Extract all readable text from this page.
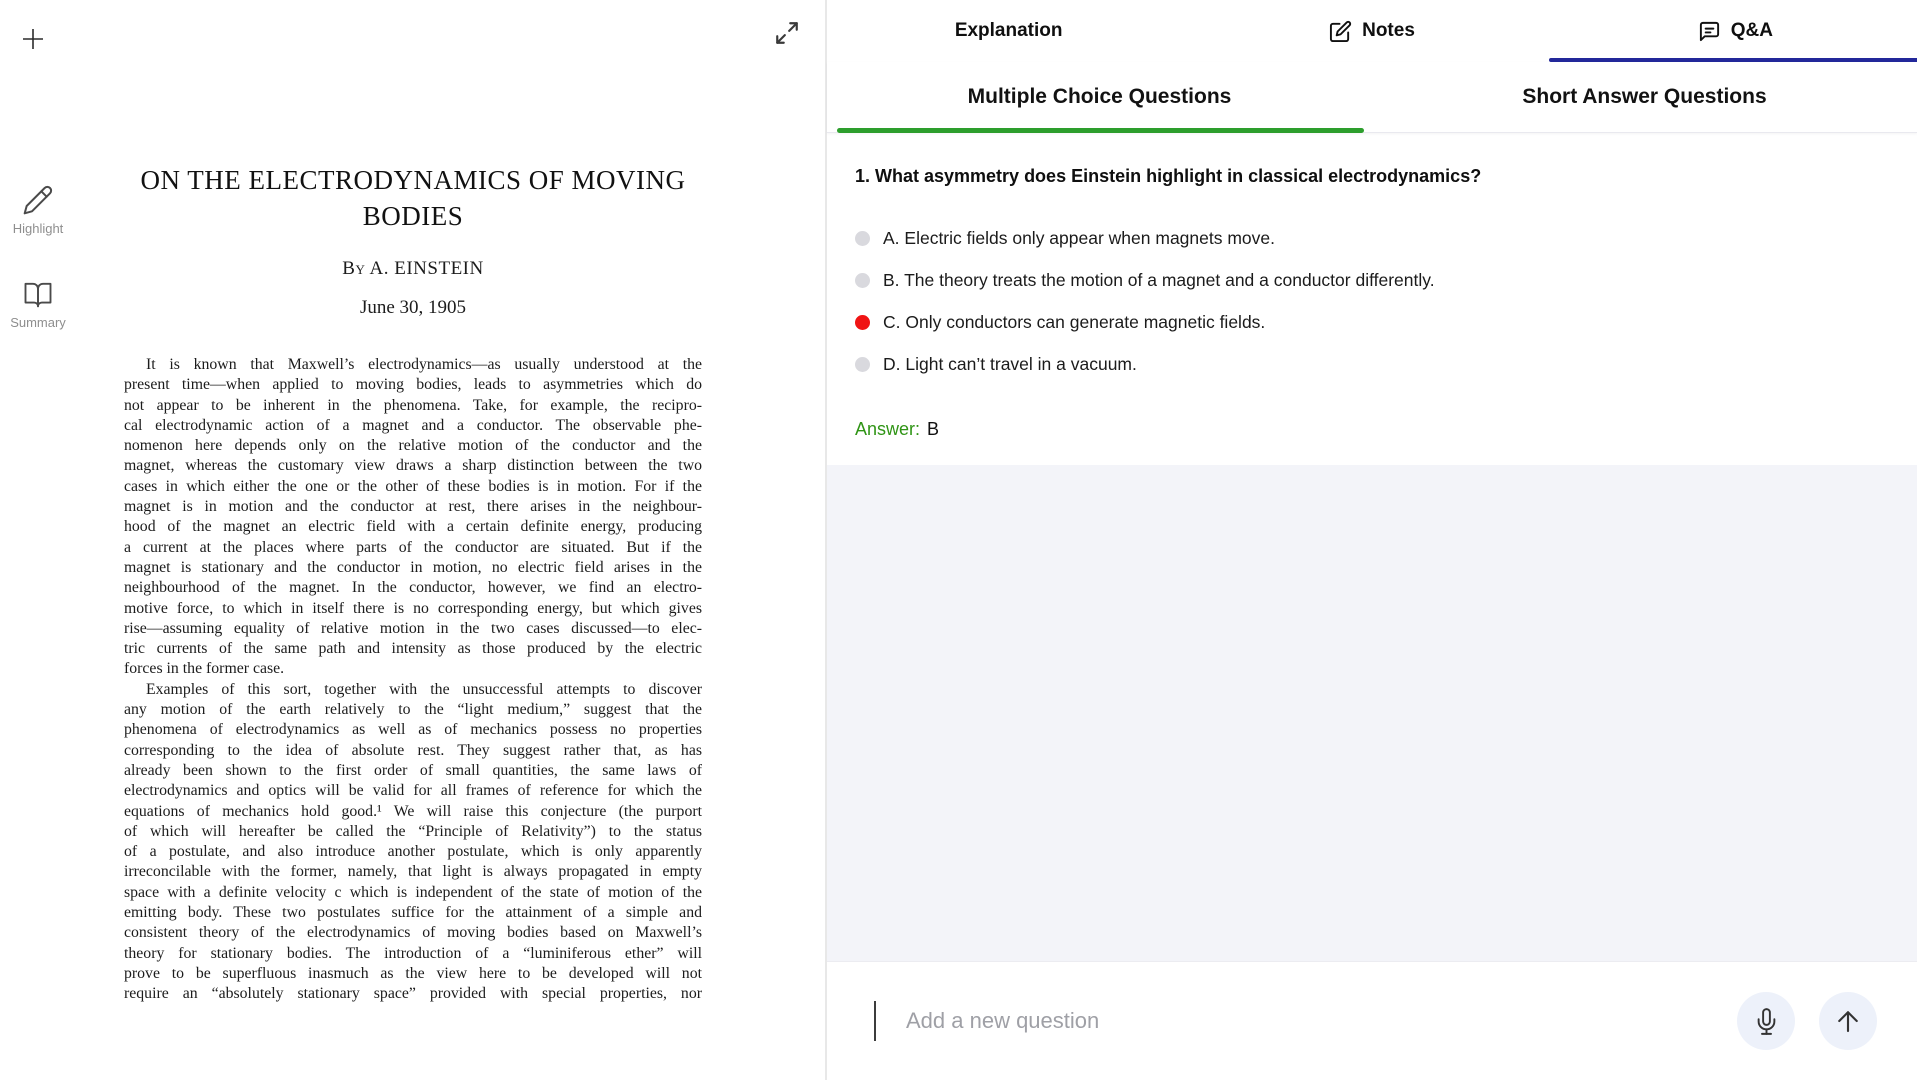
Highlight
Summary
ON THE ELECTRODYNAMICS OF MOVING
BODIES
By A. EINSTEIN
June 30, 1905
It is known that Maxwell’s electrodynamics—as usually understood at the
present time—when applied to moving bodies, leads to asymmetries which do
not appear to be inherent in the phenomena. Take, for example, the recipro-
cal electrodynamic action of a magnet and a conductor. The observable phe-
nomenon here depends only on the relative motion of the conductor and the
magnet, whereas the customary view draws a sharp distinction between the two
cases in which either the one or the other of these bodies is in motion. For if the
magnet is in motion and the conductor at rest, there arises in the neighbour-
hood of the magnet an electric field with a certain definite energy, producing
a current at the places where parts of the conductor are situated. But if the
magnet is stationary and the conductor in motion, no electric field arises in the
neighbourhood of the magnet. In the conductor, however, we find an electro-
motive force, to which in itself there is no corresponding energy, but which gives
rise—assuming equality of relative motion in the two cases discussed—to elec-
tric currents of the same path and intensity as those produced by the electric
forces in the former case.
Examples of this sort, together with the unsuccessful attempts to discover
any motion of the earth relatively to the “light medium,” suggest that the
phenomena of electrodynamics as well as of mechanics possess no properties
corresponding to the idea of absolute rest. They suggest rather that, as has
already been shown to the first order of small quantities, the same laws of
electrodynamics and optics will be valid for all frames of reference for which the
equations of mechanics hold good.¹ We will raise this conjecture (the purport
of which will hereafter be called the “Principle of Relativity”) to the status
of a postulate, and also introduce another postulate, which is only apparently
irreconcilable with the former, namely, that light is always propagated in empty
space with a definite velocity c which is independent of the state of motion of the
emitting body. These two postulates suffice for the attainment of a simple and
consistent theory of the electrodynamics of moving bodies based on Maxwell’s
theory for stationary bodies. The introduction of a “luminiferous ether” will
prove to be superfluous inasmuch as the view here to be developed will not
require an “absolutely stationary space” provided with special properties, nor
Explanation	Notes	Q&A
Multiple Choice Questions	Short Answer Questions
1. What asymmetry does Einstein highlight in classical electrodynamics?
A. Electric fields only appear when magnets move.
B. The theory treats the motion of a magnet and a conductor differently.
C. Only conductors can generate magnetic fields.
D. Light can’t travel in a vacuum.
Answer: B
Add a new question
